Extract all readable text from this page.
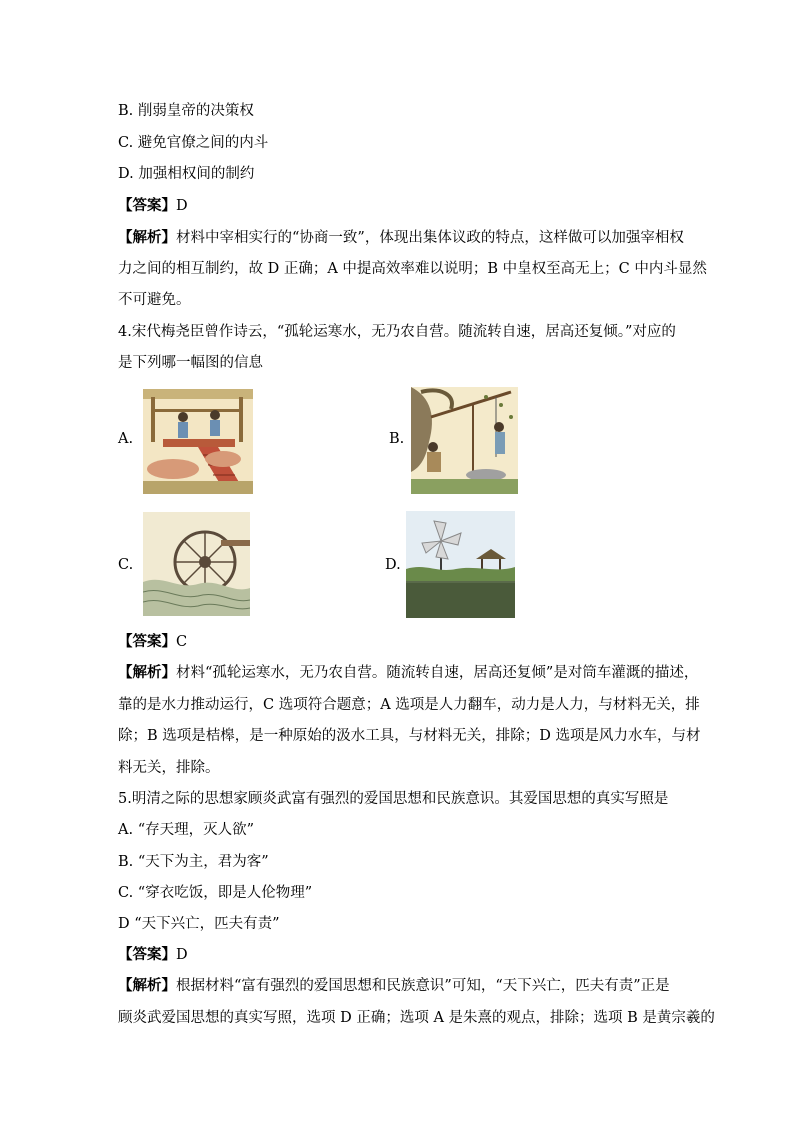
B. 削弱皇帝的决策权
C. 避免官僚之间的内斗
D. 加强相权间的制约
【答案】D
【解析】材料中宰相实行的“协商一致”，体现出集体议政的特点，这样做可以加强宰相权
力之间的相互制约，故 D 正确；A 中提高效率难以说明；B 中皇权至高无上；C 中内斗显然
不可避免。
4.宋代梅尧臣曾作诗云，“孤轮运寒水，无乃农自营。随流转自速，居高还复倾。”对应的
是下列哪一幅图的信息
A.	B.
C.	D.
【答案】C
【解析】材料“孤轮运寒水，无乃农自营。随流转自速，居高还复倾”是对筒车灌溉的描述，
靠的是水力推动运行，C 选项符合题意；A 选项是人力翻车，动力是人力，与材料无关，排
除；B 选项是桔槔，是一种原始的汲水工具，与材料无关，排除；D 选项是风力水车，与材
料无关，排除。
5.明清之际的思想家顾炎武富有强烈的爱国思想和民族意识。其爱国思想的真实写照是
A. “存天理，灭人欲”
B. “天下为主，君为客”
C. “穿衣吃饭，即是人伦物理”
D “天下兴亡，匹夫有责”
【答案】D
【解析】根据材料“富有强烈的爱国思想和民族意识”可知，“天下兴亡，匹夫有责”正是
顾炎武爱国思想的真实写照，选项 D 正确；选项 A 是朱熹的观点，排除；选项 B 是黄宗羲的
